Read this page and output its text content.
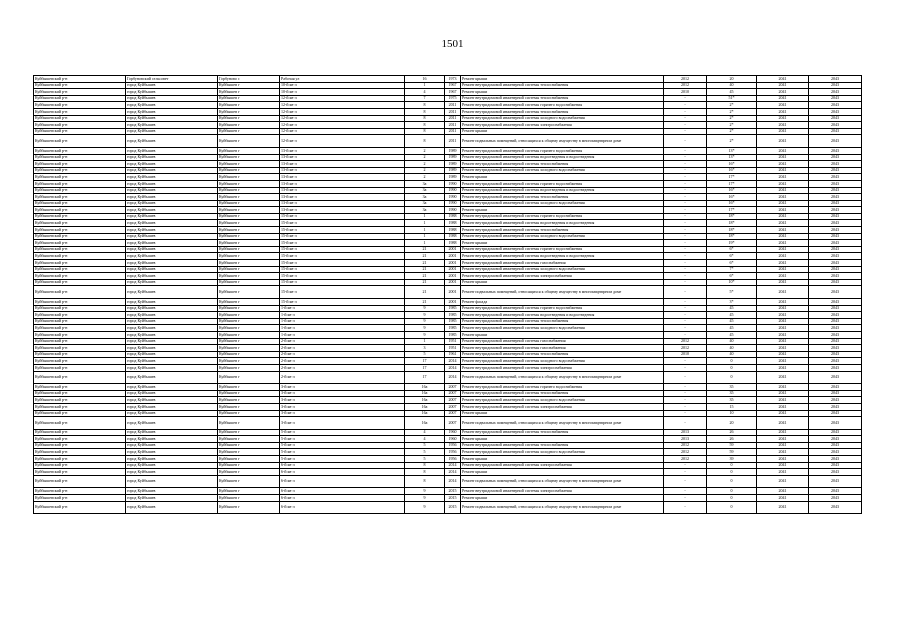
1501
Куйбышевский р-н	Горбуновский сельсовет	Горбуново с	Рабочая ул	16	1973	Ремонт крыши	2012	20	2041	2043
Куйбышевский р-н	город Куйбышев	Куйбышев г	10-й кв-л	1	1967	Ремонт внутридомовой инженерной системы теплоснабжения	2012	40	2041	2043
Куйбышевский р-н	город Куйбышев	Куйбышев г	10-й кв-л	4	1967	Ремонт крыши	2010	45	2041	2043
Куйбышевский р-н	город Куйбышев	Куйбышев г	12-й кв-л	7	1975	Ремонт внутридомовой инженерной системы теплоснабжения	-	51*	2041	2043
Куйбышевский р-н	город Куйбышев	Куйбышев г	12-й кв-л	8	2011	Ремонт внутридомовой инженерной системы горячего водоснабжения	-	2*	2041	2043
Куйбышевский р-н	город Куйбышев	Куйбышев г	12-й кв-л	8	2011	Ремонт внутридомовой инженерной системы теплоснабжения	-	2*	2041	2043
Куйбышевский р-н	город Куйбышев	Куйбышев г	12-й кв-л	8	2011	Ремонт внутридомовой инженерной системы холодного водоснабжения	-	2*	2041	2043
Куйбышевский р-н	город Куйбышев	Куйбышев г	12-й кв-л	8	2011	Ремонт внутридомовой инженерной системы электроснабжения	-	2*	2041	2043
Куйбышевский р-н	город Куйбышев	Куйбышев г	12-й кв-л	8	2011	Ремонт крыши	-	2*	2041	2043
Куйбышевский р-н	город Куйбышев	Куйбышев г	12-й кв-л	8	2011	Ремонт подвальных помещений, относящихся к общему имуществу в многоквартирном доме	-	2*	2041	2043
Куйбышевский р-н	город Куйбышев	Куйбышев г	13-й кв-л	2	1989	Ремонт внутридомовой инженерной системы горячего водоснабжения	-	13*	2041	2043
Куйбышевский р-н	город Куйбышев	Куйбышев г	13-й кв-л	2	1989	Ремонт внутридомовой инженерной системы водоотведения и водоотведения	-	13*	2041	2043
Куйбышевский р-н	город Куйбышев	Куйбышев г	13-й кв-л	2	1989	Ремонт внутридомовой инженерной системы теплоснабжения	-	16*	2041	2043
Куйбышевский р-н	город Куйбышев	Куйбышев г	13-й кв-л	2	1989	Ремонт внутридомовой инженерной системы холодного водоснабжения	-	16*	2041	2043
Куйбышевский р-н	город Куйбышев	Куйбышев г	13-й кв-л	2	1989	Ремонт крыши	-	17*	2041	2043
Куйбышевский р-н	город Куйбышев	Куйбышев г	13-й кв-л	3а	1990	Ремонт внутридомовой инженерной системы горячего водоснабжения	-	17*	2041	2043
Куйбышевский р-н	город Куйбышев	Куйбышев г	13-й кв-л	3а	1990	Ремонт внутридомовой инженерной системы водоотведения и водоотведения	-	16*	2041	2043
Куйбышевский р-н	город Куйбышев	Куйбышев г	13-й кв-л	3а	1990	Ремонт внутридомовой инженерной системы теплоснабжения	-	16*	2041	2043
Куйбышевский р-н	город Куйбышев	Куйбышев г	13-й кв-л	3а	1990	Ремонт внутридомовой инженерной системы холодного водоснабжения	-	16*	2041	2043
Куйбышевский р-н	город Куйбышев	Куйбышев г	13-й кв-л	3а	1990	Ремонт крыши	-	17*	2041	2043
Куйбышевский р-н	город Куйбышев	Куйбышев г	15-й кв-л	1	1988	Ремонт внутридомовой инженерной системы горячего водоснабжения	-	18*	2041	2043
Куйбышевский р-н	город Куйбышев	Куйбышев г	15-й кв-л	1	1988	Ремонт внутридомовой инженерной системы водоотведения и водоотведения	-	18*	2041	2043
Куйбышевский р-н	город Куйбышев	Куйбышев г	15-й кв-л	1	1988	Ремонт внутридомовой инженерной системы теплоснабжения	-	18*	2041	2043
Куйбышевский р-н	город Куйбышев	Куйбышев г	15-й кв-л	1	1988	Ремонт внутридомовой инженерной системы холодного водоснабжения	-	18*	2041	2043
Куйбышевский р-н	город Куйбышев	Куйбышев г	15-й кв-л	1	1988	Ремонт крыши	-	19*	2041	2043
Куйбышевский р-н	город Куйбышев	Куйбышев г	15-й кв-л	21	2001	Ремонт внутридомовой инженерной системы горячего водоснабжения	-	6*	2041	2043
Куйбышевский р-н	город Куйбышев	Куйбышев г	15-й кв-л	21	2001	Ремонт внутридомовой инженерной системы водоотведения и водоотведения	-	6*	2041	2043
Куйбышевский р-н	город Куйбышев	Куйбышев г	15-й кв-л	21	2001	Ремонт внутридомовой инженерной системы газоснабжения	-	6*	2041	2043
Куйбышевский р-н	город Куйбышев	Куйбышев г	15-й кв-л	21	2001	Ремонт внутридомовой инженерной системы холодного водоснабжения	-	7*	2041	2043
Куйбышевский р-н	город Куйбышев	Куйбышев г	15-й кв-л	21	2001	Ремонт внутридомовой инженерной системы электроснабжения	-	6*	2041	2043
Куйбышевский р-н	город Куйбышев	Куйбышев г	15-й кв-л	21	2001	Ремонт крыши	-	10*	2041	2043
Куйбышевский р-н	город Куйбышев	Куйбышев г	15-й кв-л	21	2001	Ремонт подвальных помещений, относящихся к общему имуществу в многоквартирном доме	-	5*	2041	2043
Куйбышевский р-н	город Куйбышев	Куйбышев г	15-й кв-л	21	2001	Ремонт фасада	-	3*	2041	2043
Куйбышевский р-н	город Куйбышев	Куйбышев г	1-й кв-л	9	1985	Ремонт внутридомовой инженерной системы горячего водоснабжения	-	45	2041	2043
Куйбышевский р-н	город Куйбышев	Куйбышев г	1-й кв-л	9	1985	Ремонт внутридомовой инженерной системы водоотведения и водоотведения	-	45	2041	2043
Куйбышевский р-н	город Куйбышев	Куйбышев г	1-й кв-л	9	1985	Ремонт внутридомовой инженерной системы теплоснабжения	-	45	2041	2043
Куйбышевский р-н	город Куйбышев	Куйбышев г	1-й кв-л	9	1985	Ремонт внутридомовой инженерной системы холодного водоснабжения	-	45	2041	2043
Куйбышевский р-н	город Куйбышев	Куйбышев г	1-й кв-л	9	1985	Ремонт крыши	-	45	2041	2043
Куйбышевский р-н	город Куйбышев	Куйбышев г	2-й кв-л	1	1951	Ремонт внутридомовой инженерной системы газоснабжения	2012	40	2041	2043
Куйбышевский р-н	город Куйбышев	Куйбышев г	2-й кв-л	3	1951	Ремонт внутридомовой инженерной системы газоснабжения	2012	40	2041	2043
Куйбышевский р-н	город Куйбышев	Куйбышев г	2-й кв-л	5	1961	Ремонт внутридомовой инженерной системы теплоснабжения	2010	40	2041	2043
Куйбышевский р-н	город Куйбышев	Куйбышев г	2-й кв-л	17	2014	Ремонт внутридомовой инженерной системы холодного водоснабжения	-	0	2041	2043
Куйбышевский р-н	город Куйбышев	Куйбышев г	2-й кв-л	17	2014	Ремонт внутридомовой инженерной системы электроснабжения	-	0	2041	2043
Куйбышевский р-н	город Куйбышев	Куйбышев г	2-й кв-л	17	2014	Ремонт подвальных помещений, относящихся к общему имуществу в многоквартирном доме	-	0	2041	2043
Куйбышевский р-н	город Куйбышев	Куйбышев г	3-й кв-л	16а	2007	Ремонт внутридомовой инженерной системы горячего водоснабжения	-	35	2041	2043
Куйбышевский р-н	город Куйбышев	Куйбышев г	3-й кв-л	16а	2007	Ремонт внутридомовой инженерной системы теплоснабжения	-	35	2041	2043
Куйбышевский р-н	город Куйбышев	Куйбышев г	3-й кв-л	16а	2007	Ремонт внутридомовой инженерной системы холодного водоснабжения	-	35	2041	2043
Куйбышевский р-н	город Куйбышев	Куйбышев г	3-й кв-л	16а	2007	Ремонт внутридомовой инженерной системы электроснабжения	-	15	2041	2043
Куйбышевский р-н	город Куйбышев	Куйбышев г	3-й кв-л	16а	2007	Ремонт крыши	-	10	2041	2043
Куйбышевский р-н	город Куйбышев	Куйбышев г	3-й кв-л	16а	2007	Ремонт подвальных помещений, относящихся к общему имуществу в многоквартирном доме	-	20	2041	2043
Куйбышевский р-н	город Куйбышев	Куйбышев г	5-й кв-л	4	1960	Ремонт внутридомовой инженерной системы теплоснабжения	2013	26	2041	2043
Куйбышевский р-н	город Куйбышев	Куйбышев г	5-й кв-л	4	1960	Ремонт крыши	2013	26	2041	2043
Куйбышевский р-н	город Куйбышев	Куйбышев г	5-й кв-л	5	1956	Ремонт внутридомовой инженерной системы теплоснабжения	2012	59	2041	2043
Куйбышевский р-н	город Куйбышев	Куйбышев г	5-й кв-л	5	1956	Ремонт внутридомовой инженерной системы холодного водоснабжения	2012	59	2041	2043
Куйбышевский р-н	город Куйбышев	Куйбышев г	5-й кв-л	5	1956	Ремонт крыши	2012	39	2041	2043
Куйбышевский р-н	город Куйбышев	Куйбышев г	6-й кв-л	8	2014	Ремонт внутридомовой инженерной системы электроснабжения	-	0	2041	2043
Куйбышевский р-н	город Куйбышев	Куйбышев г	6-й кв-л	8	2014	Ремонт крыши	-	0	2041	2043
Куйбышевский р-н	город Куйбышев	Куйбышев г	6-й кв-л	8	2014	Ремонт подвальных помещений, относящихся к общему имуществу в многоквартирном доме	-	0	2041	2043
Куйбышевский р-н	город Куйбышев	Куйбышев г	6-й кв-л	9	2015	Ремонт внутридомовой инженерной системы электроснабжения	-	0	2041	2043
Куйбышевский р-н	город Куйбышев	Куйбышев г	6-й кв-л	9	2015	Ремонт крыши	-	0	2041	2043
Куйбышевский р-н	город Куйбышев	Куйбышев г	6-й кв-л	9	2015	Ремонт подвальных помещений, относящихся к общему имуществу в многоквартирном доме	-	0	2041	2043
